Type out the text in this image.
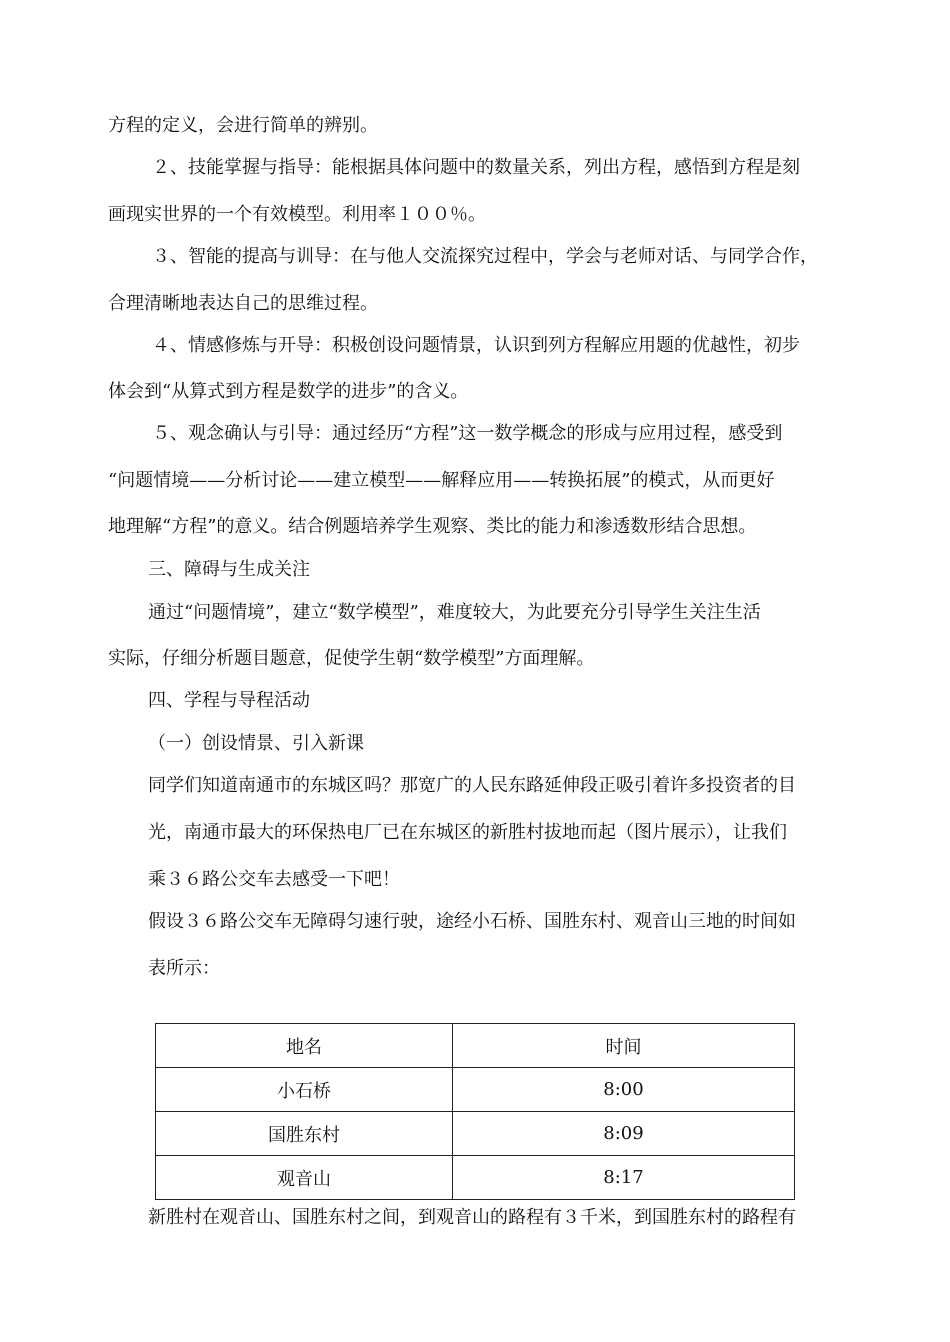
方程的定义，会进行简单的辨别。
２、技能掌握与指导：能根据具体问题中的数量关系，列出方程，感悟到方程是刻
画现实世界的一个有效模型。利用率１００％。
３、智能的提高与训导：在与他人交流探究过程中，学会与老师对话、与同学合作，
合理清晰地表达自己的思维过程。
４、情感修炼与开导：积极创设问题情景，认识到列方程解应用题的优越性，初步
体会到“从算式到方程是数学的进步”的含义。
５、观念确认与引导：通过经历“方程”这一数学概念的形成与应用过程，感受到
“问题情境——分析讨论——建立模型——解释应用——转换拓展”的模式，从而更好
地理解“方程”的意义。结合例题培养学生观察、类比的能力和渗透数形结合思想。
三、障碍与生成关注
通过“问题情境”，建立“数学模型”，难度较大，为此要充分引导学生关注生活
实际，仔细分析题目题意，促使学生朝“数学模型”方面理解。
四、学程与导程活动
（一）创设情景、引入新课
同学们知道南通市的东城区吗？那宽广的人民东路延伸段正吸引着许多投资者的目
光，南通市最大的环保热电厂已在东城区的新胜村拔地而起（图片展示），让我们
乘３６路公交车去感受一下吧！
假设３６路公交车无障碍匀速行驶，途经小石桥、国胜东村、观音山三地的时间如
表所示：
地名	时间
小石桥	8:00
国胜东村	8:09
观音山	8:17
新胜村在观音山、国胜东村之间，到观音山的路程有３千米，到国胜东村的路程有
